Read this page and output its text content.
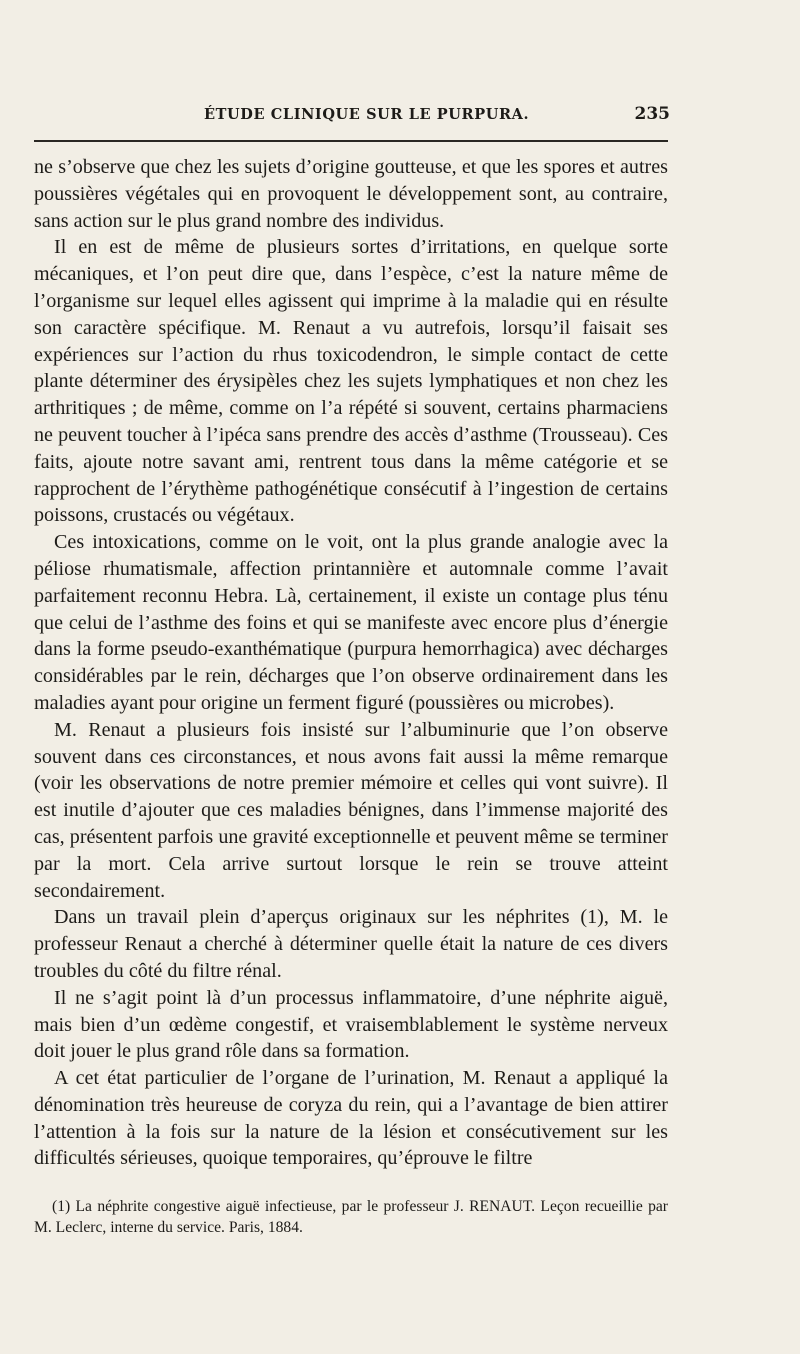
ÉTUDE CLINIQUE SUR LE PURPURA.	235

ne s’observe que chez les sujets d’origine goutteuse, et que les spores et autres poussières végétales qui en provoquent le développement sont, au contraire, sans action sur le plus grand nombre des individus.

Il en est de même de plusieurs sortes d’irritations, en quelque sorte mécaniques, et l’on peut dire que, dans l’espèce, c’est la nature même de l’organisme sur lequel elles agissent qui imprime à la maladie qui en résulte son caractère spécifique. M. Renaut a vu autrefois, lorsqu’il faisait ses expériences sur l’action du rhus toxicodendron, le simple contact de cette plante déterminer des érysipèles chez les sujets lymphatiques et non chez les arthritiques ; de même, comme on l’a répété si souvent, certains pharmaciens ne peuvent toucher à l’ipéca sans prendre des accès d’asthme (Trousseau). Ces faits, ajoute notre savant ami, rentrent tous dans la même catégorie et se rapprochent de l’érythème pathogénétique consécutif à l’ingestion de certains poissons, crustacés ou végétaux.

Ces intoxications, comme on le voit, ont la plus grande analogie avec la péliose rhumatismale, affection printannière et automnale comme l’avait parfaitement reconnu Hebra. Là, certainement, il existe un contage plus ténu que celui de l’asthme des foins et qui se manifeste avec encore plus d’énergie dans la forme pseudo-exanthématique (purpura hemorrhagica) avec décharges considérables par le rein, décharges que l’on observe ordinairement dans les maladies ayant pour origine un ferment figuré (poussières ou microbes).

M. Renaut a plusieurs fois insisté sur l’albuminurie que l’on observe souvent dans ces circonstances, et nous avons fait aussi la même remarque (voir les observations de notre premier mémoire et celles qui vont suivre). Il est inutile d’ajouter que ces maladies bénignes, dans l’immense majorité des cas, présentent parfois une gravité exceptionnelle et peuvent même se terminer par la mort. Cela arrive surtout lorsque le rein se trouve atteint secondairement.

Dans un travail plein d’aperçus originaux sur les néphrites (1), M. le professeur Renaut a cherché à déterminer quelle était la nature de ces divers troubles du côté du filtre rénal.

Il ne s’agit point là d’un processus inflammatoire, d’une néphrite aiguë, mais bien d’un œdème congestif, et vraisemblablement le système nerveux doit jouer le plus grand rôle dans sa formation.

A cet état particulier de l’organe de l’urination, M. Renaut a appliqué la dénomination très heureuse de coryza du rein, qui a l’avantage de bien attirer l’attention à la fois sur la nature de la lésion et consécutivement sur les difficultés sérieuses, quoique temporaires, qu’éprouve le filtre

(1) La néphrite congestive aiguë infectieuse, par le professeur J. RENAUT. Leçon recueillie par M. Leclerc, interne du service. Paris, 1884.
